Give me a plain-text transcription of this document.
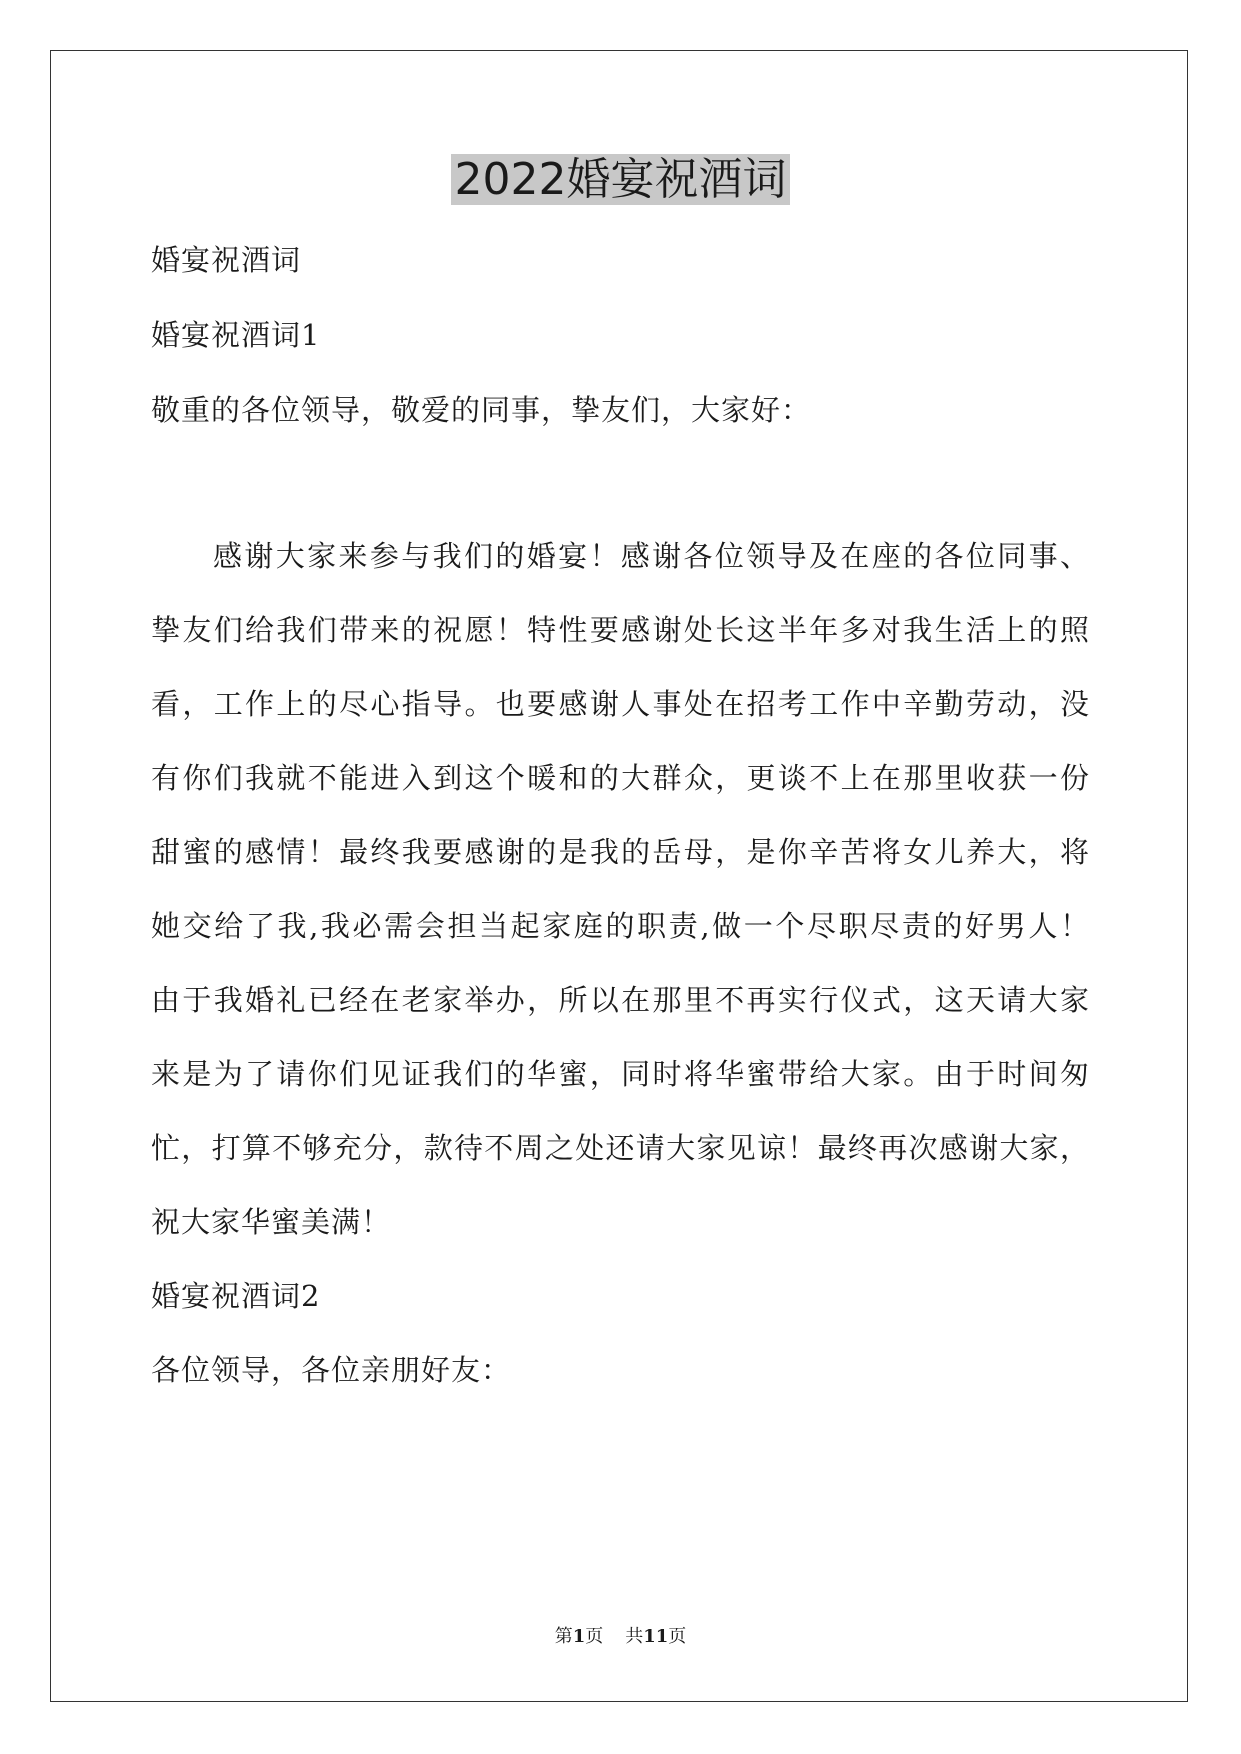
2022婚宴祝酒词
婚宴祝酒词
婚宴祝酒词1
敬重的各位领导，敬爱的同事，挚友们，大家好：
感谢大家来参与我们的婚宴！感谢各位领导及在座的各位同事、
挚友们给我们带来的祝愿！特性要感谢处长这半年多对我生活上的照
看，工作上的尽心指导。也要感谢人事处在招考工作中辛勤劳动，没
有你们我就不能进入到这个暖和的大群众，更谈不上在那里收获一份
甜蜜的感情！最终我要感谢的是我的岳母，是你辛苦将女儿养大，将
她交给了我,我必需会担当起家庭的职责,做一个尽职尽责的好男人！
由于我婚礼已经在老家举办，所以在那里不再实行仪式，这天请大家
来是为了请你们见证我们的华蜜，同时将华蜜带给大家。由于时间匆
忙，打算不够充分，款待不周之处还请大家见谅！最终再次感谢大家，
祝大家华蜜美满！
婚宴祝酒词2
各位领导，各位亲朋好友：
第1页 共11页
